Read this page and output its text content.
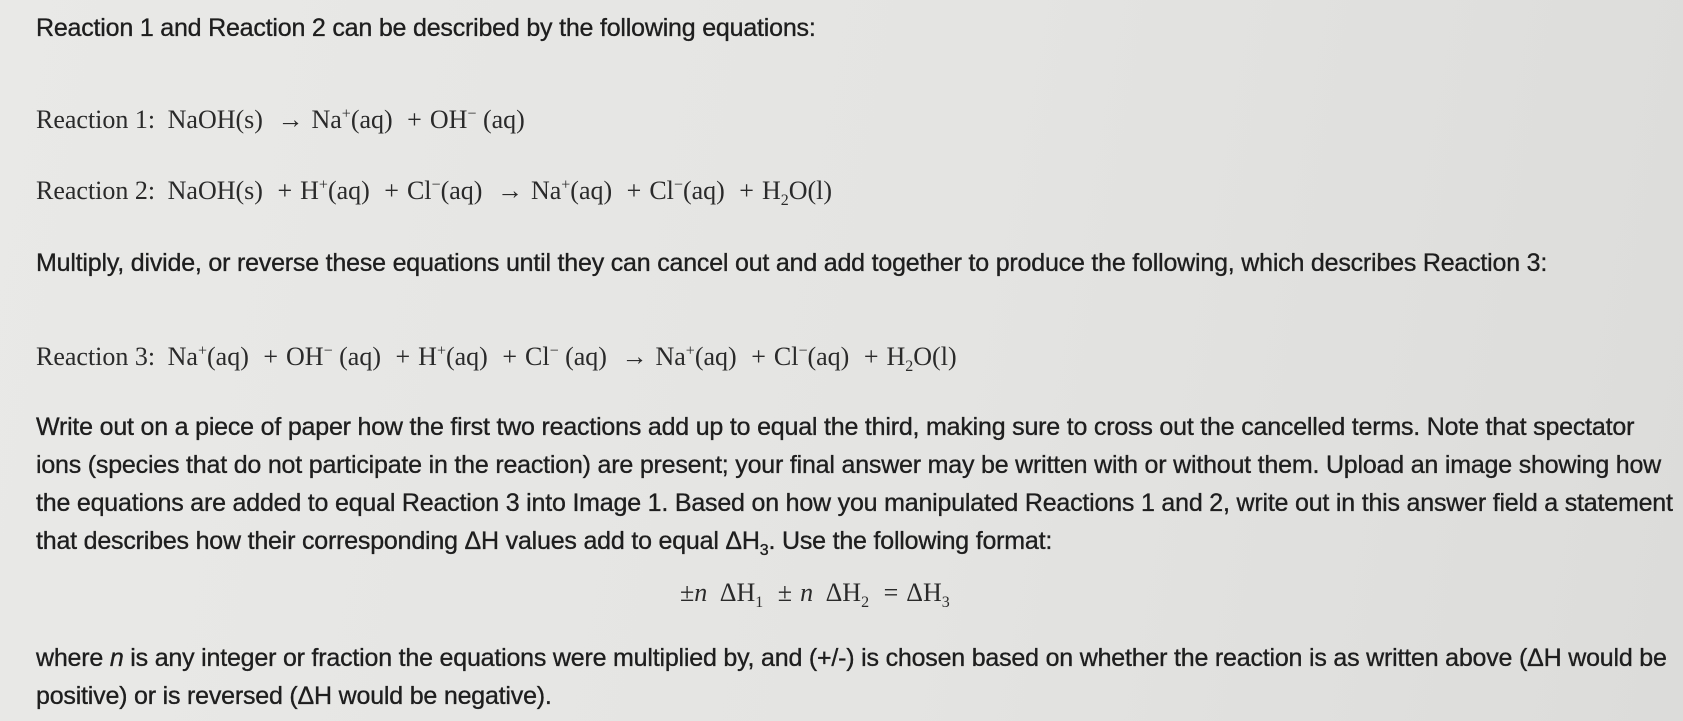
Reaction 1 and Reaction 2 can be described by the following equations:
Reaction 1: NaOH(s) → Na+(aq) + OH− (aq)
Reaction 2: NaOH(s) + $H^+(aq) + Cl^-(aq) \to Na^+(aq) + Cl^-(aq) + H_2O(l)$
Multiply, divide, or reverse these equations until they can cancel out and add together to produce the following, which describes Reaction 3:
Reaction 3: Na+(aq) + OH− (aq) + H+(aq) + Cl− $(aq) \to Na^+(aq) + Cl^-(aq) + H_2O(l)$
Write out on a piece of paper how the first two reactions add up to equal the third, making sure to cross out the cancelled terms. Note that spectator ions (species that do not participate in the reaction) are present; your final answer may be written with or without them. Upload an image showing how the equations are added to equal Reaction 3 into Image 1. Based on how you manipulated Reactions 1 and 2, write out in this answer field a statement that describes how their corresponding ΔH values add to equal $\Delta H_3$. Use the following format:
±n $\Delta H_1 \pm n$ $\Delta H_2 = \Delta H_3$
where n is any integer or fraction the equations were multiplied by, and (+/-) is chosen based on whether the reaction is as written above (ΔH would be positive) or is reversed (ΔH would be negative).
